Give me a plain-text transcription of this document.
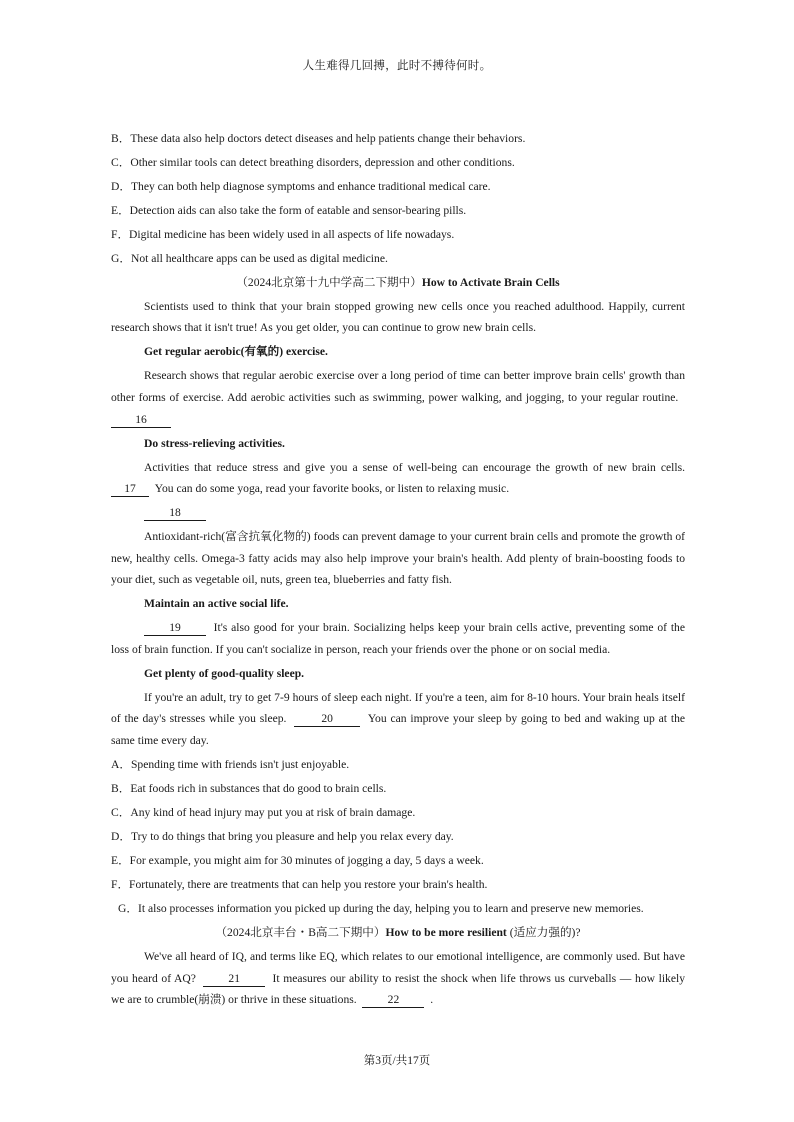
人生难得几回搏，此时不搏待何时。
B．These data also help doctors detect diseases and help patients change their behaviors.
C．Other similar tools can detect breathing disorders, depression and other conditions.
D．They can both help diagnose symptoms and enhance traditional medical care.
E．Detection aids can also take the form of eatable and sensor-bearing pills.
F．Digital medicine has been widely used in all aspects of life nowadays.
G．Not all healthcare apps can be used as digital medicine.
（2024北京第十九中学高二下期中）How to Activate Brain Cells

Scientists used to think that your brain stopped growing new cells once you reached adulthood. Happily, current research shows that it isn't true! As you get older, you can continue to grow new brain cells.

Get regular aerobic(有氧的) exercise.

Research shows that regular aerobic exercise over a long period of time can better improve brain cells' growth than other forms of exercise. Add aerobic activities such as swimming, power walking, and jogging, to your regular routine.  16

Do stress-relieving activities.

Activities that reduce stress and give you a sense of well-being can encourage the growth of new brain cells. 17 You can do some yoga, read your favorite books, or listen to relaxing music.

18

Antioxidant-rich(富含抗氧化物的) foods can prevent damage to your current brain cells and promote the growth of new, healthy cells. Omega-3 fatty acids may also help improve your brain's health. Add plenty of brain-boosting foods to your diet, such as vegetable oil, nuts, green tea, blueberries and fatty fish.

Maintain an active social life.

19	It's also good for your brain. Socializing helps keep your brain cells active, preventing some of the loss of brain function. If you can't socialize in person, reach your friends over the phone or on social media.

Get plenty of good-quality sleep.

If you're an adult, try to get 7-9 hours of sleep each night. If you're a teen, aim for 8-10 hours. Your brain heals itself of the day's stresses while you sleep.	20	You can improve your sleep by going to bed and waking up at the same time every day.

A．Spending time with friends isn't just enjoyable.
B．Eat foods rich in substances that do good to brain cells.
C．Any kind of head injury may put you at risk of brain damage.
D．Try to do things that bring you pleasure and help you relax every day.
E．For example, you might aim for 30 minutes of jogging a day, 5 days a week.
F．Fortunately, there are treatments that can help you restore your brain's health.
G．It also processes information you picked up during the day, helping you to learn and preserve new memories.
（2024北京丰台・B高二下期中）How to be more resilient (适应力强的)?

We've all heard of IQ, and terms like EQ, which relates to our emotional intelligence, are commonly used. But have you heard of AQ?	21	It measures our ability to resist the shock when life throws us curveballs — how likely we are to crumble(崩溃) or thrive in these situations.	22	.

第3页/共17页
